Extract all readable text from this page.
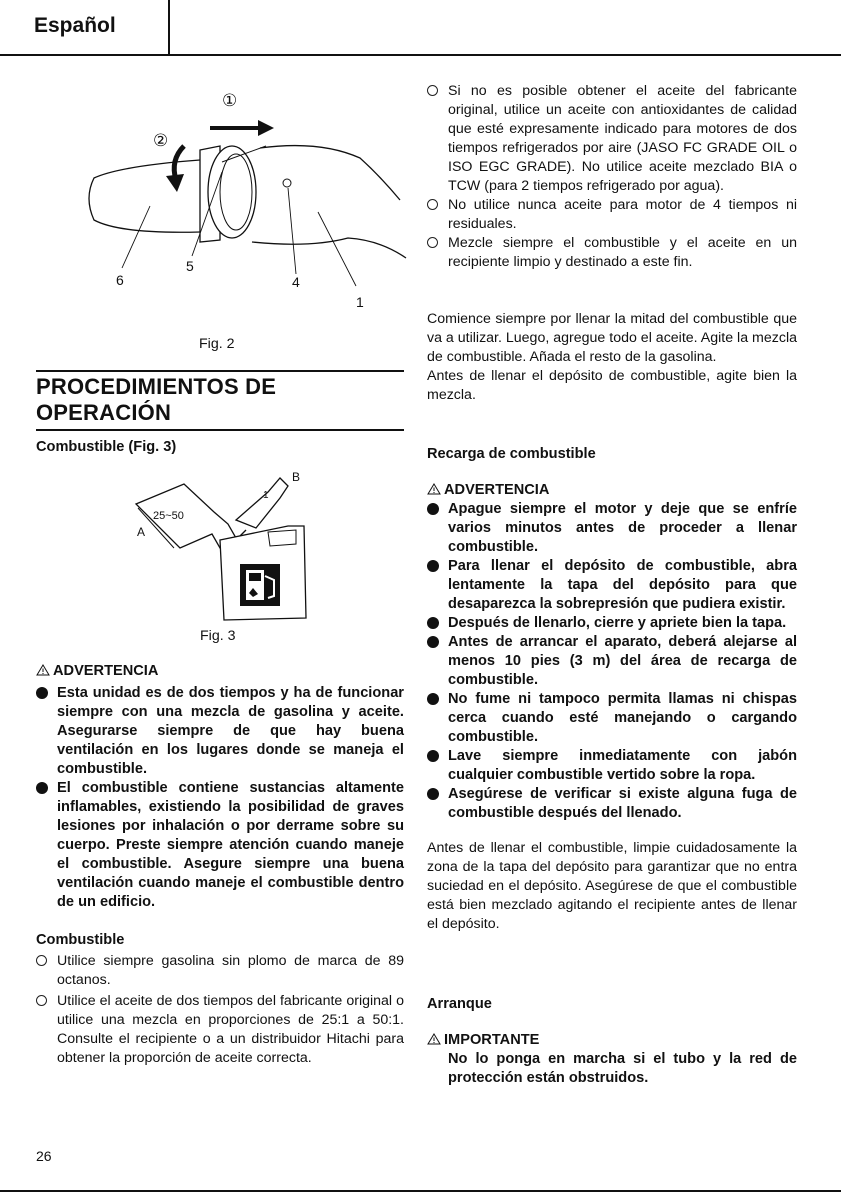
Español
①
②
6
5
4
1
Fig. 2
PROCEDIMIENTOS DE
OPERACIÓN
Combustible (Fig. 3)
A
B
25~50
1
Fig. 3
ADVERTENCIA
Esta unidad es de dos tiempos y ha de funcionar siempre con una mezcla de gasolina y aceite. Asegurarse siempre de que hay buena ventilación en los lugares donde se maneja el combustible.
El combustible contiene sustancias altamente inflamables, existiendo la posibilidad de graves lesiones por inhalación o por derrame sobre su cuerpo. Preste siempre atención cuando maneje el combustible. Asegure siempre una buena ventilación cuando maneje el combustible dentro de un edificio.
Combustible
Utilice siempre gasolina sin plomo de marca de 89 octanos.
Utilice el aceite de dos tiempos del fabricante original o utilice una mezcla en proporciones de 25:1 a 50:1. Consulte el recipiente o a un distribuidor Hitachi para obtener la proporción de aceite correcta.
Si no es posible obtener el aceite del fabricante original, utilice un aceite con antioxidantes de calidad que esté expresamente indicado para motores de dos tiempos refrigerados por aire (JASO FC GRADE OIL o ISO EGC GRADE). No utilice aceite mezclado BIA o TCW (para 2 tiempos refrigerado por agua).
No utilice nunca aceite para motor de 4 tiempos ni residuales.
Mezcle siempre el combustible y el aceite en un recipiente limpio y destinado a este fin.

Comience siempre por llenar la mitad del combustible que va a utilizar. Luego, agregue todo el aceite. Agite la mezcla de combustible. Añada el resto de la gasolina.

Antes de llenar el depósito de combustible, agite bien la mezcla.

Recarga de combustible
ADVERTENCIA
Apague siempre el motor y deje que se enfríe varios minutos antes de proceder a llenar combustible.
Para llenar el depósito de combustible, abra lentamente la tapa del depósito para que desaparezca la sobrepresión que pudiera existir.
Después de llenarlo, cierre y apriete bien la tapa.
Antes de arrancar el aparato, deberá alejarse al menos 10 pies (3 m) del área de recarga de combustible.
No fume ni tampoco permita llamas ni chispas cerca cuando esté manejando o cargando combustible.
Lave siempre inmediatamente con jabón cualquier combustible vertido sobre la ropa.
Asegúrese de verificar si existe alguna fuga de combustible después del llenado.

Antes de llenar el combustible, limpie cuidadosamente la zona de la tapa del depósito para garantizar que no entra suciedad en el depósito. Asegúrese de que el combustible está bien mezclado agitando el recipiente antes de llenar el depósito.

Arranque
IMPORTANTE
No lo ponga en marcha si el tubo y la red de protección están obstruidos.
26
